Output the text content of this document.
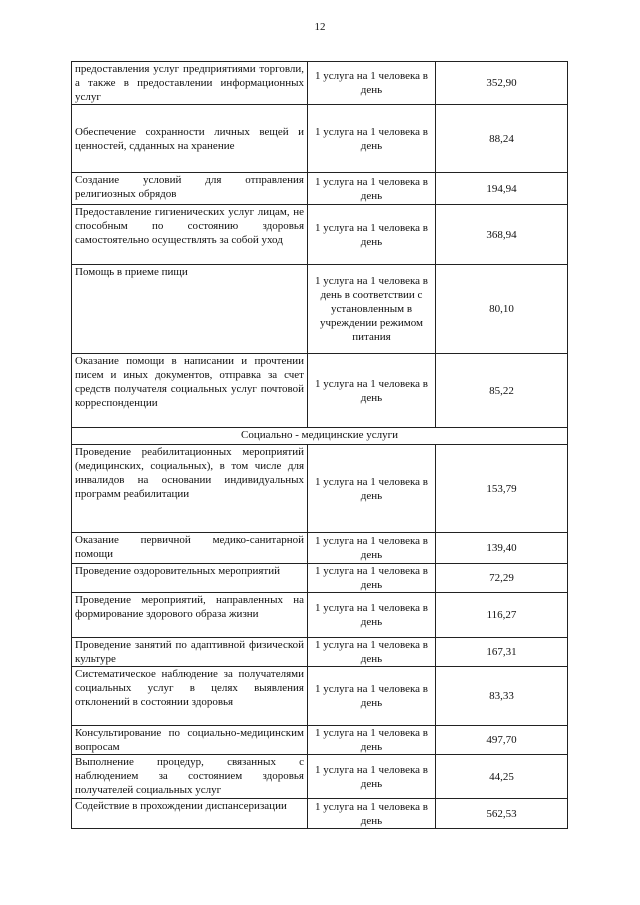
12
предоставления услуг предприятиями торговли, а также в предоставлении информационных услуг	1 услуга на 1 человека в день	352,90
Обеспечение сохранности личных вещей и ценностей, сдданных на хранение	1 услуга на 1 человека в день	88,24
Создание условий для отправления религиозных обрядов	1 услуга на 1 человека в день	194,94
Предоставление гигиенических услуг лицам, не способным по состоянию здоровья самостоятельно осуществлять за собой уход	1 услуга на 1 человека в день	368,94
Помощь в приеме пищи	1 услуга на 1 человека в день в соответствии с установленным в учреждении режимом питания	80,10
Оказание помощи в написании и прочтении писем и иных документов, отправка за счет средств получателя социальных услуг почтовой корреспонденции	1 услуга на 1 человека в день	85,22
Социально - медицинские услуги		
Проведение реабилитационных мероприятий (медицинских, социальных), в том числе для инвалидов на основании индивидуальных программ реабилитации	1 услуга на 1 человека в день	153,79
Оказание первичной медико-санитарной помощи	1 услуга на 1 человека в день	139,40
Проведение оздоровительных мероприятий	1 услуга на 1 человека в день	72,29
Проведение мероприятий, направленных на формирование здорового образа жизни	1 услуга на 1 человека в день	116,27
Проведение занятий по адаптивной физической культуре	1 услуга на 1 человека в день	167,31
Систематическое наблюдение за получателями социальных услуг в целях выявления отклонений в состоянии здоровья	1 услуга на 1 человека в день	83,33
Консультирование по социально-медицинским вопросам	1 услуга на 1 человека в день	497,70
Выполнение процедур, связанных с наблюдением за состоянием здоровья получателей социальных услуг	1 услуга на 1 человека в день	44,25
Содействие в прохождении диспансеризации	1 услуга на 1 человека в день	562,53
